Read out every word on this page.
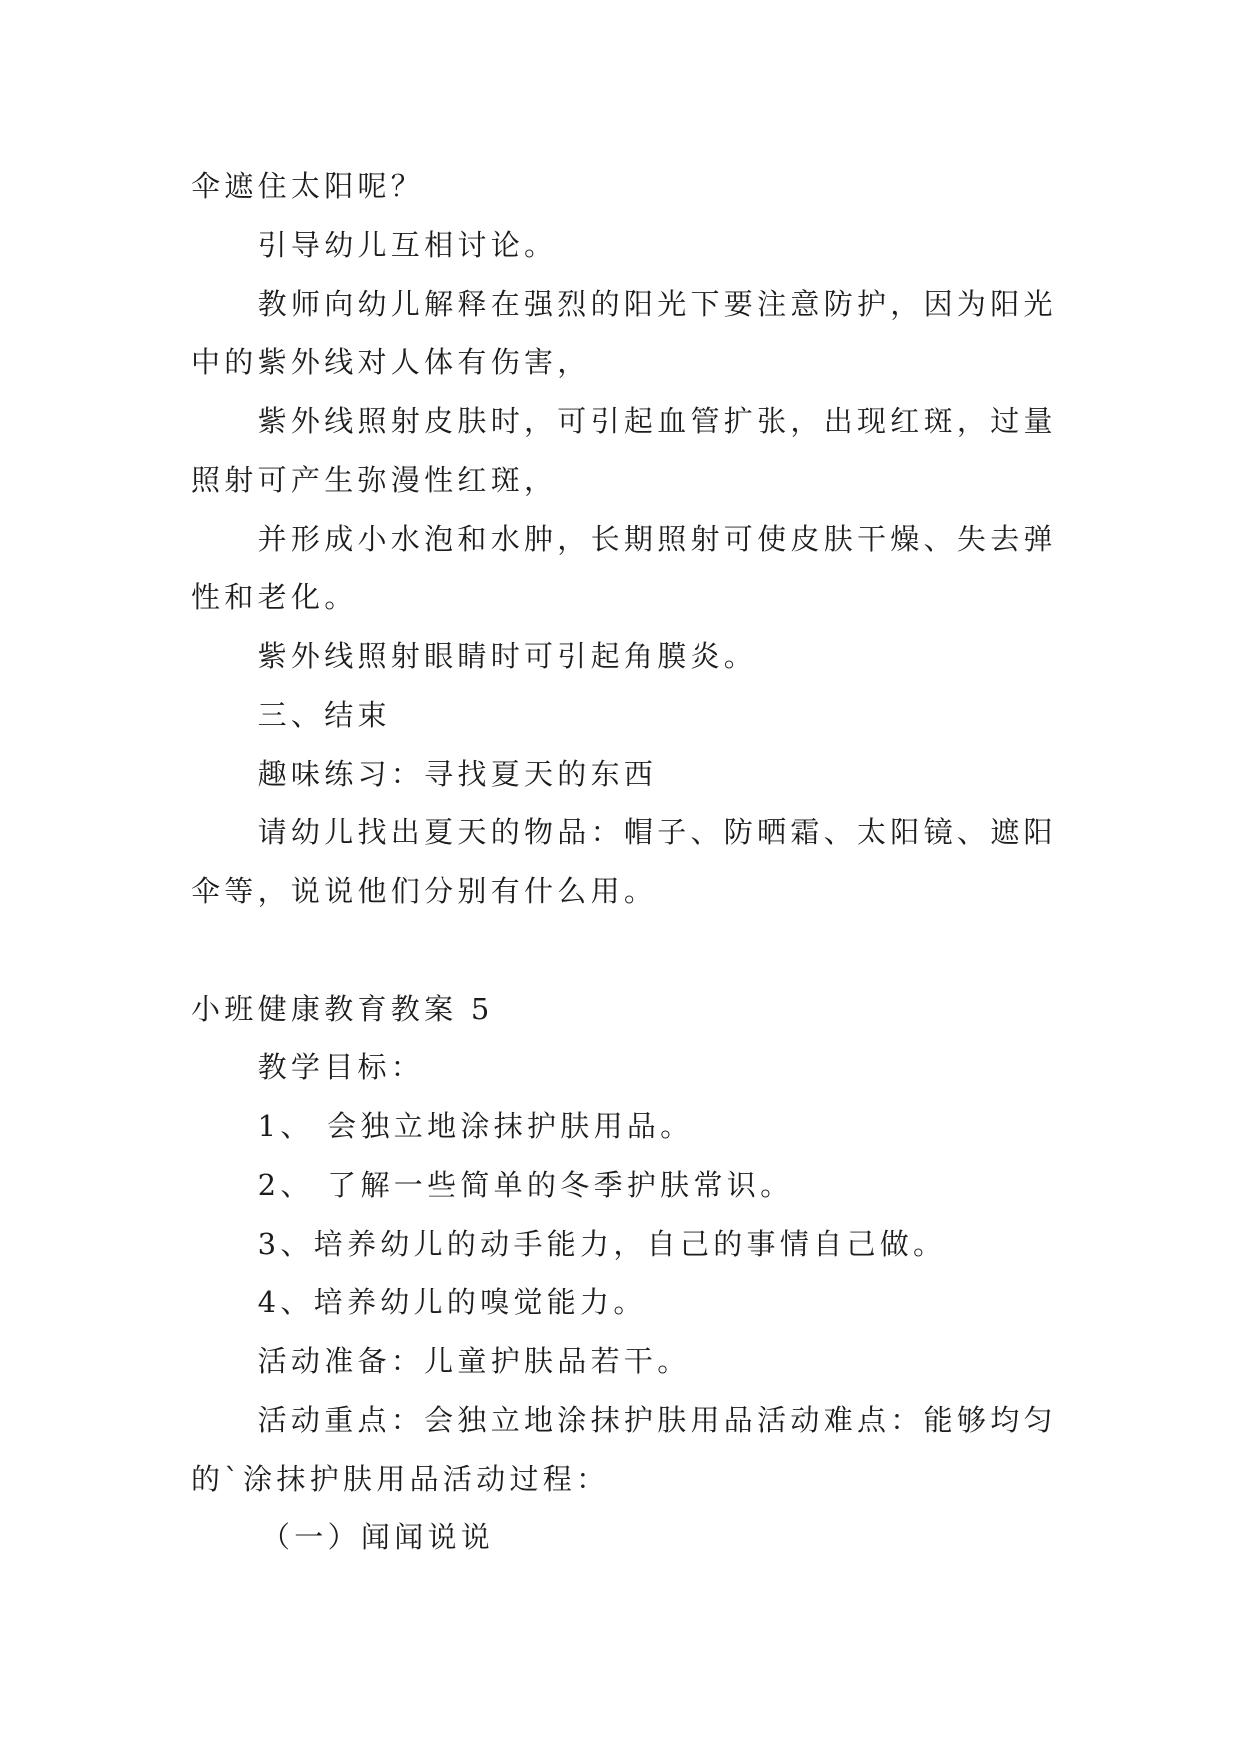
伞遮住太阳呢？
引导幼儿互相讨论。
教师向幼儿解释在强烈的阳光下要注意防护，因为阳光
中的紫外线对人体有伤害，
紫外线照射皮肤时，可引起血管扩张，出现红斑，过量
照射可产生弥漫性红斑，
并形成小水泡和水肿，长期照射可使皮肤干燥、失去弹
性和老化。
紫外线照射眼睛时可引起角膜炎。
三、结束
趣味练习：寻找夏天的东西
请幼儿找出夏天的物品：帽子、防晒霜、太阳镜、遮阳
伞等，说说他们分别有什么用。
小班健康教育教案 5
教学目标：
1、 会独立地涂抹护肤用品。
2、 了解一些简单的冬季护肤常识。
3、培养幼儿的动手能力，自己的事情自己做。
4、培养幼儿的嗅觉能力。
活动准备：儿童护肤品若干。
活动重点：会独立地涂抹护肤用品活动难点：能够均匀
的`涂抹护肤用品活动过程：
（一）闻闻说说
